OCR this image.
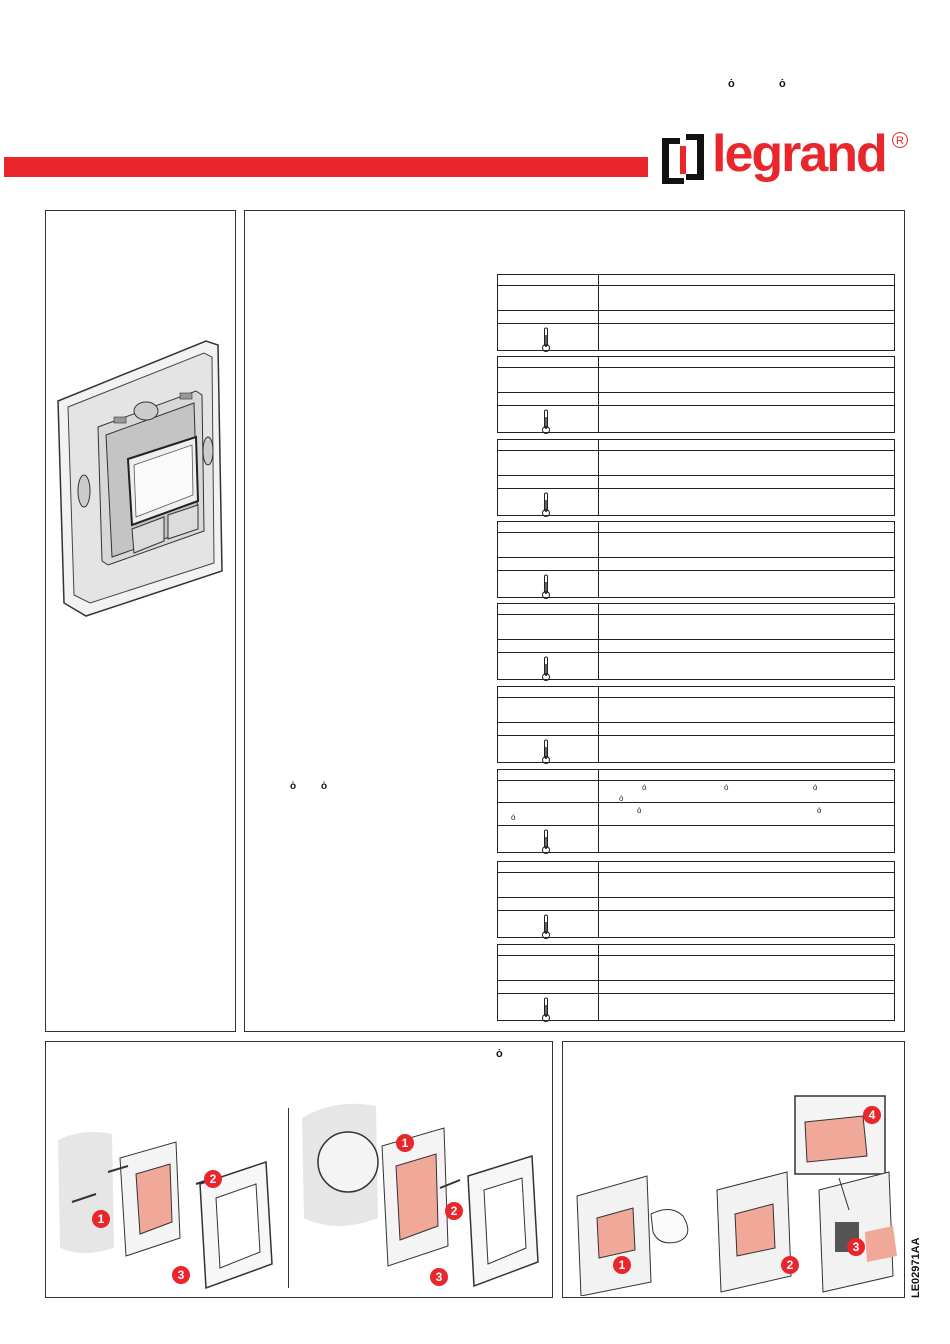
ȯ	ȯ
legrand R
ȯ ȯ	ȯ	ȯ	ȯ
ȯ
ȯ	ȯ
ȯ
ȯ
1
2
3
1
2
3
1	2
3
4
LE02971AA
